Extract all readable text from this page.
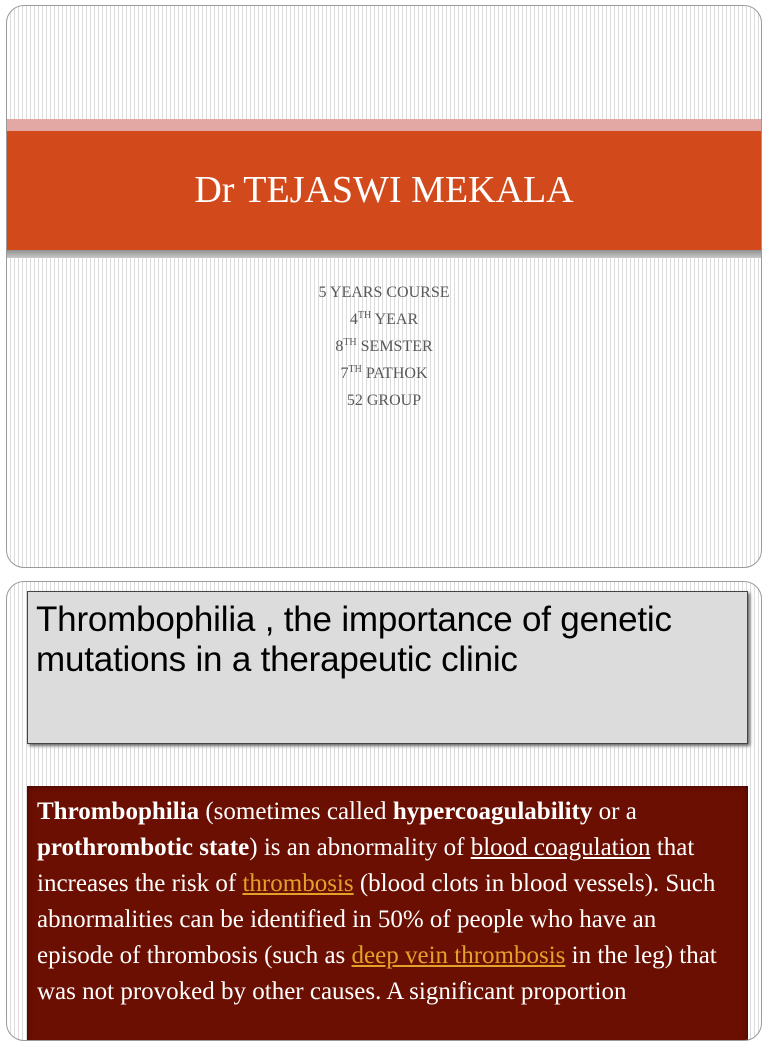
Dr TEJASWI MEKALA
5 YEARS COURSE
4TH YEAR
8TH SEMSTER
7TH PATHOK
52 GROUP
Thrombophilia , the importance of genetic mutations in a therapeutic clinic
Thrombophilia (sometimes called hypercoagulability or a prothrombotic state) is an abnormality of blood coagulation that increases the risk of thrombosis (blood clots in blood vessels). Such abnormalities can be identified in 50% of people who have an episode of thrombosis (such as deep vein thrombosis in the leg) that was not provoked by other causes. A significant proportion
